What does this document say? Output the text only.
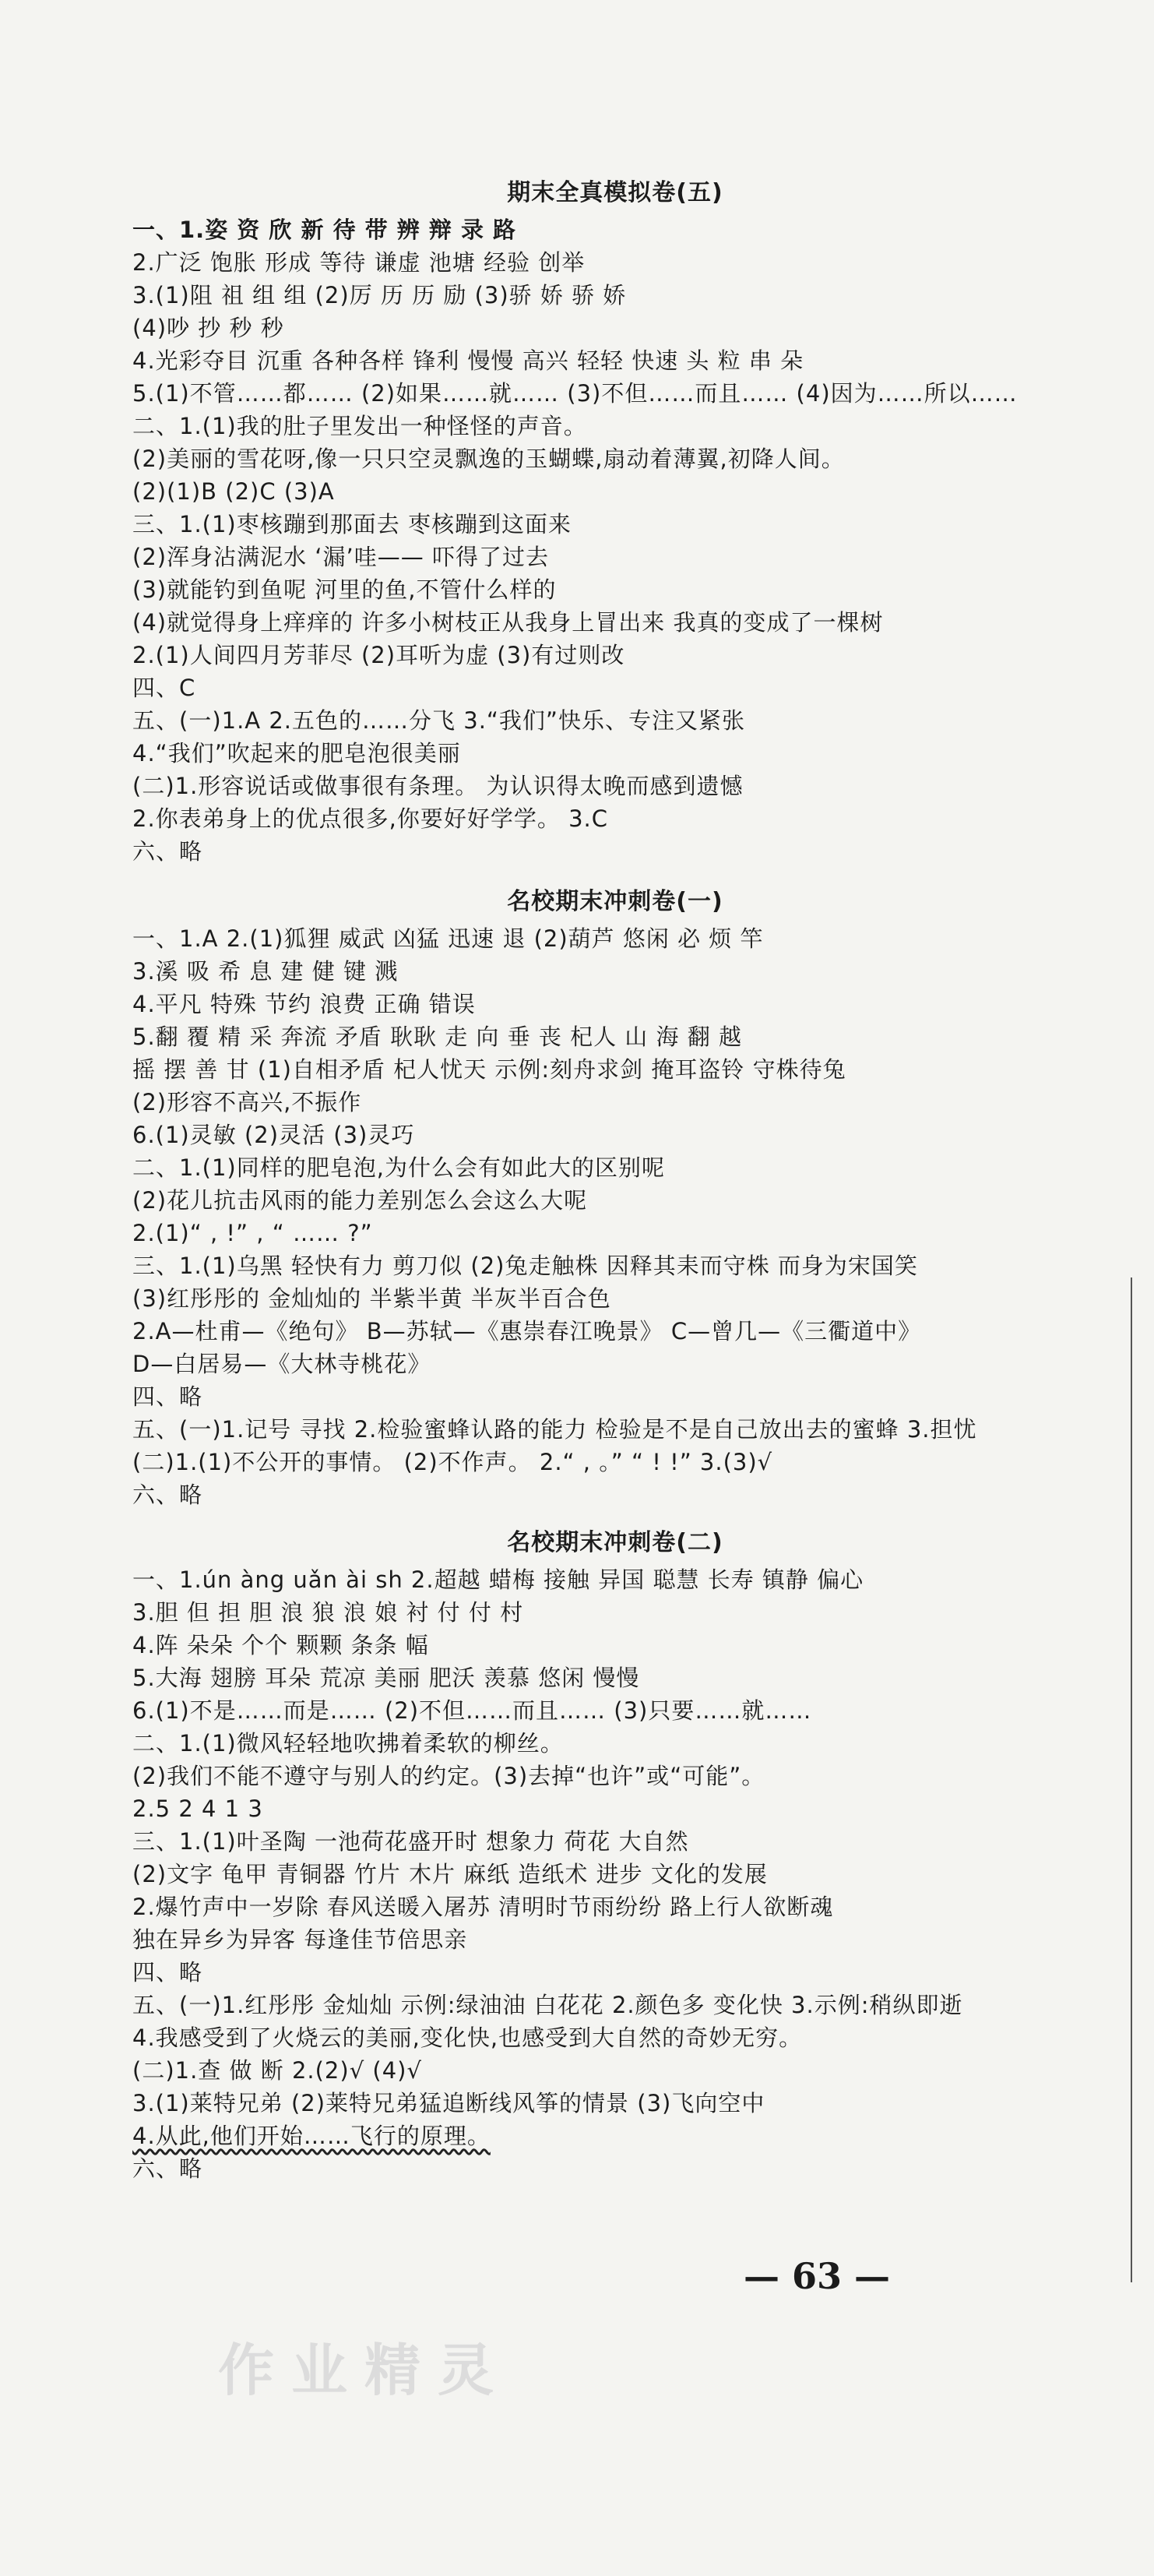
期末全真模拟卷(五)

一、1.姿 资 欣 新 待 带 辨 辩 录 路

2.广泛 饱胀 形成 等待 谦虚 池塘 经验 创举

3.(1)阻 祖 组 组 (2)厉 历 历 励 (3)骄 娇 骄 娇

(4)吵 抄 秒 秒

4.光彩夺目 沉重 各种各样 锋利 慢慢 高兴 轻轻 快速 头 粒 串 朵

5.(1)不管……都…… (2)如果……就…… (3)不但……而且…… (4)因为……所以……

二、1.(1)我的肚子里发出一种怪怪的声音。

(2)美丽的雪花呀,像一只只空灵飘逸的玉蝴蝶,扇动着薄翼,初降人间。

(2)(1)B (2)C (3)A

三、1.(1)枣核蹦到那面去 枣核蹦到这面来

(2)浑身沾满泥水 ‘漏’哇—— 吓得了过去

(3)就能钓到鱼呢 河里的鱼,不管什么样的

(4)就觉得身上痒痒的 许多小树枝正从我身上冒出来 我真的变成了一棵树

2.(1)人间四月芳菲尽 (2)耳听为虚 (3)有过则改

四、C

五、(一)1.A 2.五色的……分飞 3.“我们”快乐、专注又紧张

4.“我们”吹起来的肥皂泡很美丽

(二)1.形容说话或做事很有条理。 为认识得太晚而感到遗憾

2.你表弟身上的优点很多,你要好好学学。 3.C

六、略

名校期末冲刺卷(一)

一、1.A 2.(1)狐狸 威武 凶猛 迅速 退 (2)葫芦 悠闲 必 烦 竿

3.溪 吸 希 息 建 健 键 溅

4.平凡 特殊 节约 浪费 正确 错误

5.翻 覆 精 采 奔流 矛盾 耿耿 走 向 垂 丧 杞人 山 海 翻 越

摇 摆 善 甘 (1)自相矛盾 杞人忧天 示例:刻舟求剑 掩耳盗铃 守株待兔

(2)形容不高兴,不振作

6.(1)灵敏 (2)灵活 (3)灵巧

二、1.(1)同样的肥皂泡,为什么会有如此大的区别呢

(2)花儿抗击风雨的能力差别怎么会这么大呢

2.(1)“ , !” , “ …… ?”

三、1.(1)乌黑 轻快有力 剪刀似 (2)兔走触株 因释其耒而守株 而身为宋国笑

(3)红彤彤的 金灿灿的 半紫半黄 半灰半百合色

2.A—杜甫—《绝句》 B—苏轼—《惠崇春江晚景》 C—曾几—《三衢道中》

D—白居易—《大林寺桃花》

四、略

五、(一)1.记号 寻找 2.检验蜜蜂认路的能力 检验是不是自己放出去的蜜蜂 3.担忧

(二)1.(1)不公开的事情。 (2)不作声。 2.“ , 。” “ ! !” 3.(3)√

六、略

名校期末冲刺卷(二)

一、1.ún àng uǎn ài sh 2.超越 蜡梅 接触 异国 聪慧 长寿 镇静 偏心

3.胆 但 担 胆 浪 狼 浪 娘 衬 付 付 村

4.阵 朵朵 个个 颗颗 条条 幅

5.大海 翅膀 耳朵 荒凉 美丽 肥沃 羡慕 悠闲 慢慢

6.(1)不是……而是…… (2)不但……而且…… (3)只要……就……

二、1.(1)微风轻轻地吹拂着柔软的柳丝。

(2)我们不能不遵守与别人的约定。(3)去掉“也许”或“可能”。

2.5 2 4 1 3

三、1.(1)叶圣陶 一池荷花盛开时 想象力 荷花 大自然

(2)文字 龟甲 青铜器 竹片 木片 麻纸 造纸术 进步 文化的发展

2.爆竹声中一岁除 春风送暖入屠苏 清明时节雨纷纷 路上行人欲断魂

独在异乡为异客 每逢佳节倍思亲

四、略

五、(一)1.红彤彤 金灿灿 示例:绿油油 白花花 2.颜色多 变化快 3.示例:稍纵即逝

4.我感受到了火烧云的美丽,变化快,也感受到大自然的奇妙无穷。

(二)1.查 做 断 2.(2)√ (4)√

3.(1)莱特兄弟 (2)莱特兄弟猛追断线风筝的情景 (3)飞向空中

4.从此,他们开始……飞行的原理。

六、略

— 63 —
作业精灵
